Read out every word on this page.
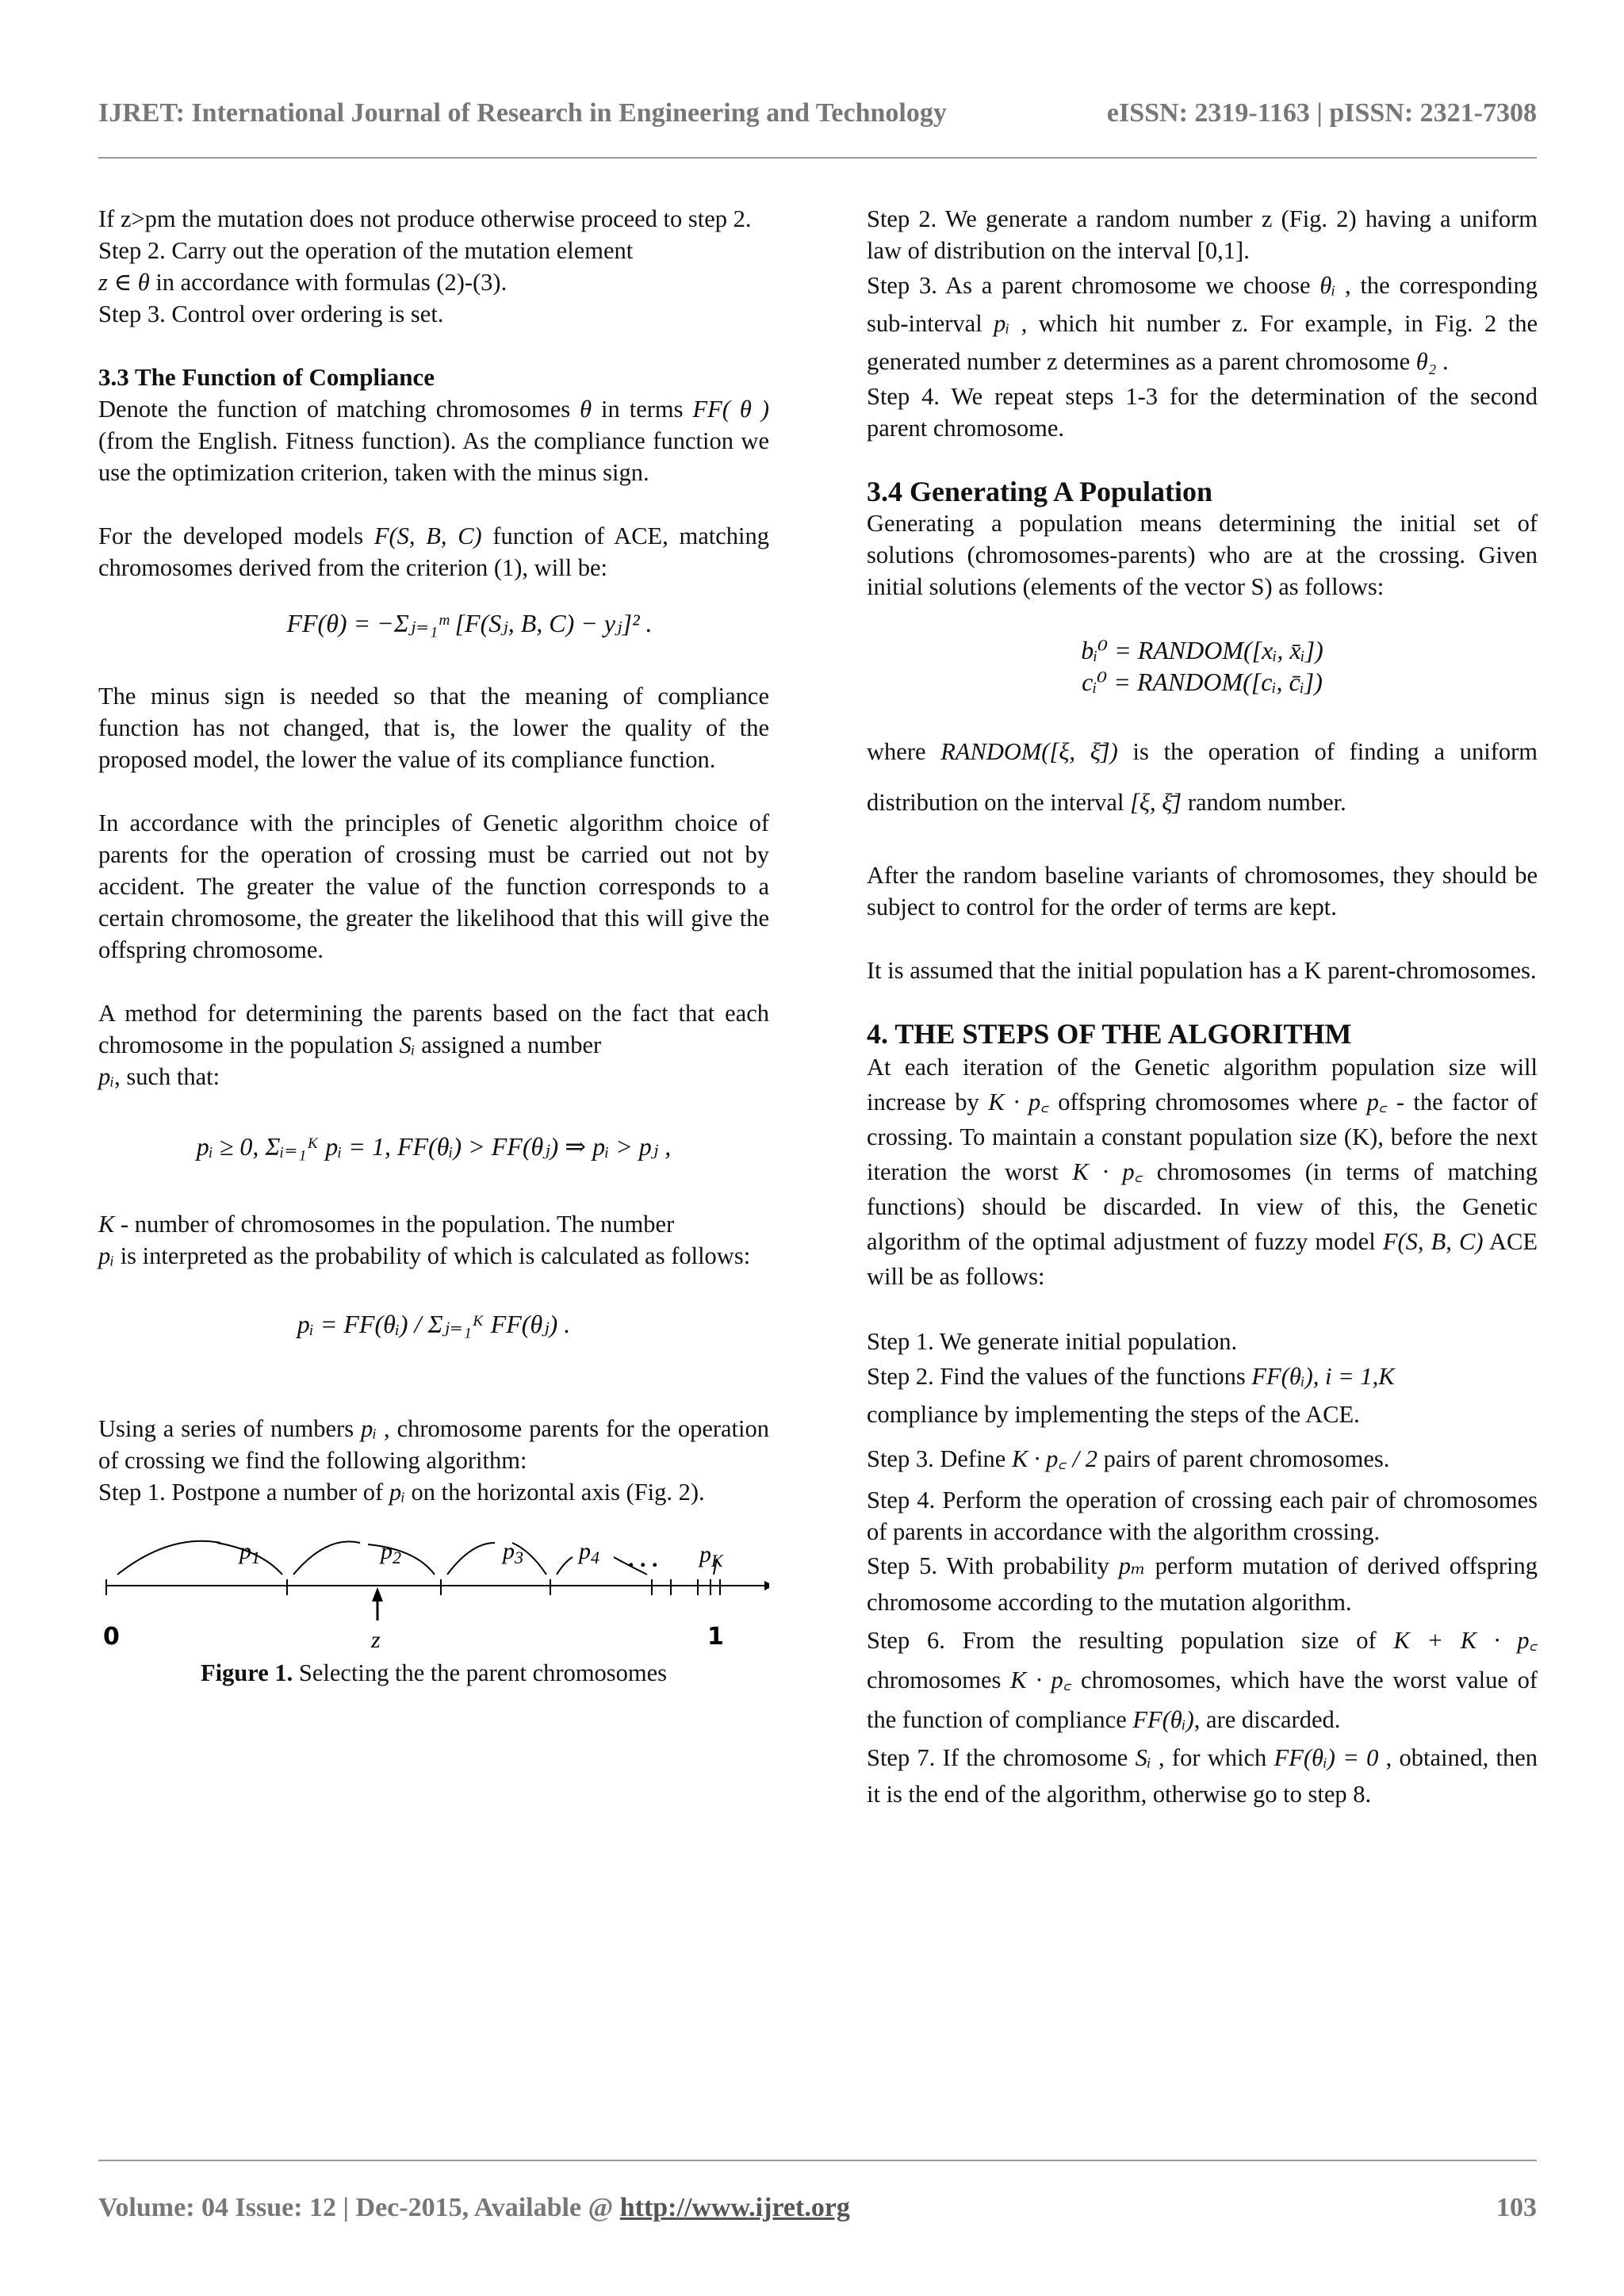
IJRET: International Journal of Research in Engineering and Technology	eISSN: 2319-1163 | pISSN: 2321-7308

If z>pm the mutation does not produce otherwise proceed to step 2.

Step 2. Carry out the operation of the mutation element
z ∈ θ in accordance with formulas (2)-(3).

Step 3. Control over ordering is set.

3.3 The Function of Compliance

Denote the function of matching chromosomes θ in terms FF( θ ) (from the English. Fitness function). As the compliance function we use the optimization criterion, taken with the minus sign.

For the developed models F(S, B, C) function of ACE, matching chromosomes derived from the criterion (1), will be:

FF(θ) = −Σⱼ₌₁ᵐ [F(Sⱼ, B, C) − yⱼ]² .

The minus sign is needed so that the meaning of compliance function has not changed, that is, the lower the quality of the proposed model, the lower the value of its compliance function.

In accordance with the principles of Genetic algorithm choice of parents for the operation of crossing must be carried out not by accident. The greater the value of the function corresponds to a certain chromosome, the greater the likelihood that this will give the offspring chromosome.

A method for determining the parents based on the fact that each chromosome in the population Sᵢ assigned a number
pᵢ, such that:

pᵢ ≥ 0, Σᵢ₌₁ᴷ pᵢ = 1, FF(θᵢ) > FF(θⱼ) ⇒ pᵢ > pⱼ ,

K - number of chromosomes in the population. The number
pᵢ is interpreted as the probability of which is calculated as follows:

pᵢ = FF(θᵢ) / Σⱼ₌₁ᴷ FF(θⱼ) .

Using a series of numbers pᵢ , chromosome parents for the operation of crossing we find the following algorithm:

Step 1. Postpone a number of pᵢ on the horizontal axis (Fig. 2).

$p_1$	$p_2$	$p_3$ $p_4$ . . . $p_K$
0	1
z
Figure 1. Selecting the the parent chromosomes

Step 2. We generate a random number z (Fig. 2) having a uniform law of distribution on the interval [0,1].

Step 3. As a parent chromosome we choose θᵢ , the corresponding sub-interval pᵢ , which hit number z. For example, in Fig. 2 the generated number z determines as a parent chromosome θ₂ .

Step 4. We repeat steps 1-3 for the determination of the second parent chromosome.

3.4 Generating A Population

Generating a population means determining the initial set of solutions (chromosomes-parents) who are at the crossing. Given initial solutions (elements of the vector S) as follows:

bᵢ⁰ = RANDOM([xᵢ, x̄ᵢ])

cᵢ⁰ = RANDOM([cᵢ, c̄ᵢ])

where RANDOM([ξ, ξ̄]) is the operation of finding a uniform distribution on the interval [ξ, ξ̄] random number.

After the random baseline variants of chromosomes, they should be subject to control for the order of terms are kept.

It is assumed that the initial population has a K parent-chromosomes.

4. THE STEPS OF THE ALGORITHM

At each iteration of the Genetic algorithm population size will increase by K · p꜀ offspring chromosomes where p꜀ - the factor of crossing. To maintain a constant population size (K), before the next iteration the worst K · p꜀ chromosomes (in terms of matching functions) should be discarded. In view of this, the Genetic algorithm of the optimal adjustment of fuzzy model F(S, B, C) ACE will be as follows:

Step 1. We generate initial population.

Step 2. Find the values of the functions FF(θᵢ), i = 1,K
compliance by implementing the steps of the ACE.

Step 3. Define K · p꜀ / 2 pairs of parent chromosomes.

Step 4. Perform the operation of crossing each pair of chromosomes of parents in accordance with the algorithm crossing.

Step 5. With probability pₘ perform mutation of derived offspring chromosome according to the mutation algorithm.

Step 6. From the resulting population size of K + K · p꜀ chromosomes K · p꜀ chromosomes, which have the worst value of the function of compliance FF(θᵢ), are discarded.

Step 7. If the chromosome Sᵢ , for which FF(θᵢ) = 0 , obtained, then it is the end of the algorithm, otherwise go to step 8.

Volume: 04 Issue: 12 | Dec-2015, Available @ http://www.ijret.org	103
